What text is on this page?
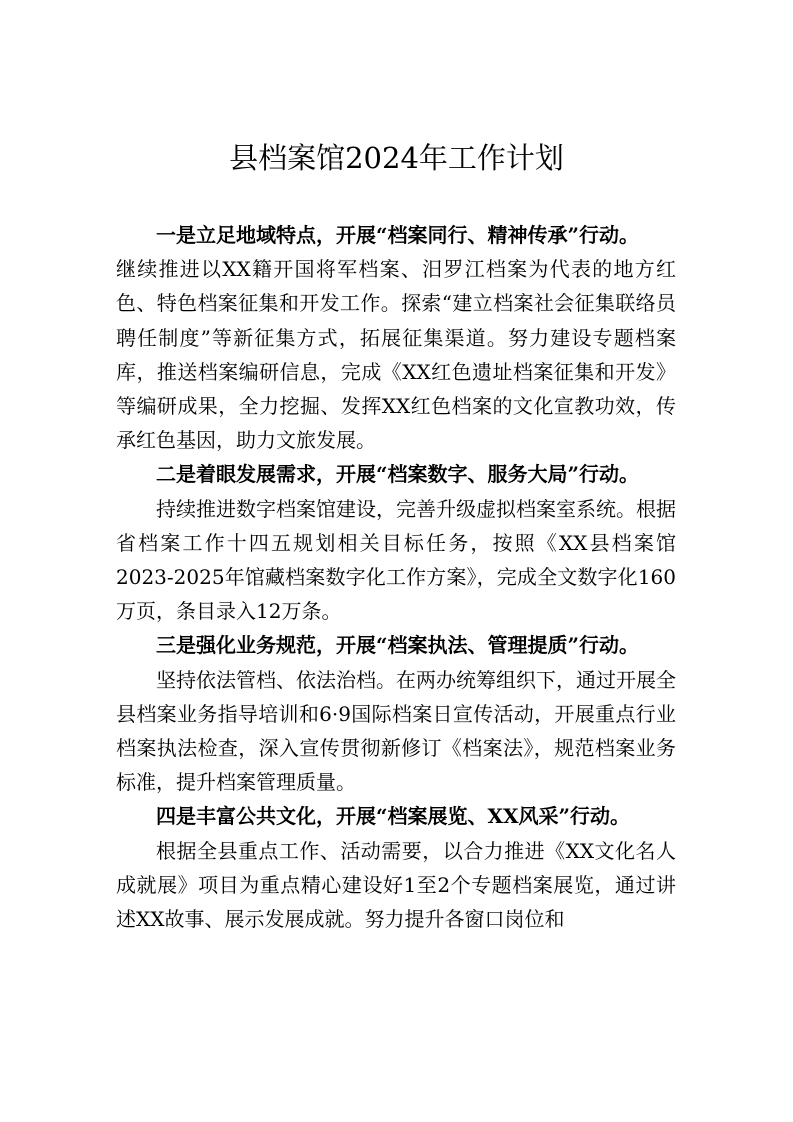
县档案馆2024年工作计划

一是立足地域特点，开展“档案同行、精神传承”行动。

继续推进以XX籍开国将军档案、汨罗江档案为代表的地方红色、特色档案征集和开发工作。探索“建立档案社会征集联络员聘任制度”等新征集方式，拓展征集渠道。努力建设专题档案库，推送档案编研信息，完成《XX红色遗址档案征集和开发》等编研成果，全力挖掘、发挥XX红色档案的文化宣教功效，传承红色基因，助力文旅发展。

二是着眼发展需求，开展“档案数字、服务大局”行动。

持续推进数字档案馆建设，完善升级虚拟档案室系统。根据省档案工作十四五规划相关目标任务，按照《XX县档案馆2023-2025年馆藏档案数字化工作方案》，完成全文数字化160万页，条目录入12万条。

三是强化业务规范，开展“档案执法、管理提质”行动。

坚持依法管档、依法治档。在两办统筹组织下，通过开展全县档案业务指导培训和6·9国际档案日宣传活动，开展重点行业档案执法检查，深入宣传贯彻新修订《档案法》，规范档案业务标准，提升档案管理质量。

四是丰富公共文化，开展“档案展览、XX风采”行动。

根据全县重点工作、活动需要，以合力推进《XX文化名人成就展》项目为重点精心建设好1至2个专题档案展览，通过讲述XX故事、展示发展成就。努力提升各窗口岗位和
